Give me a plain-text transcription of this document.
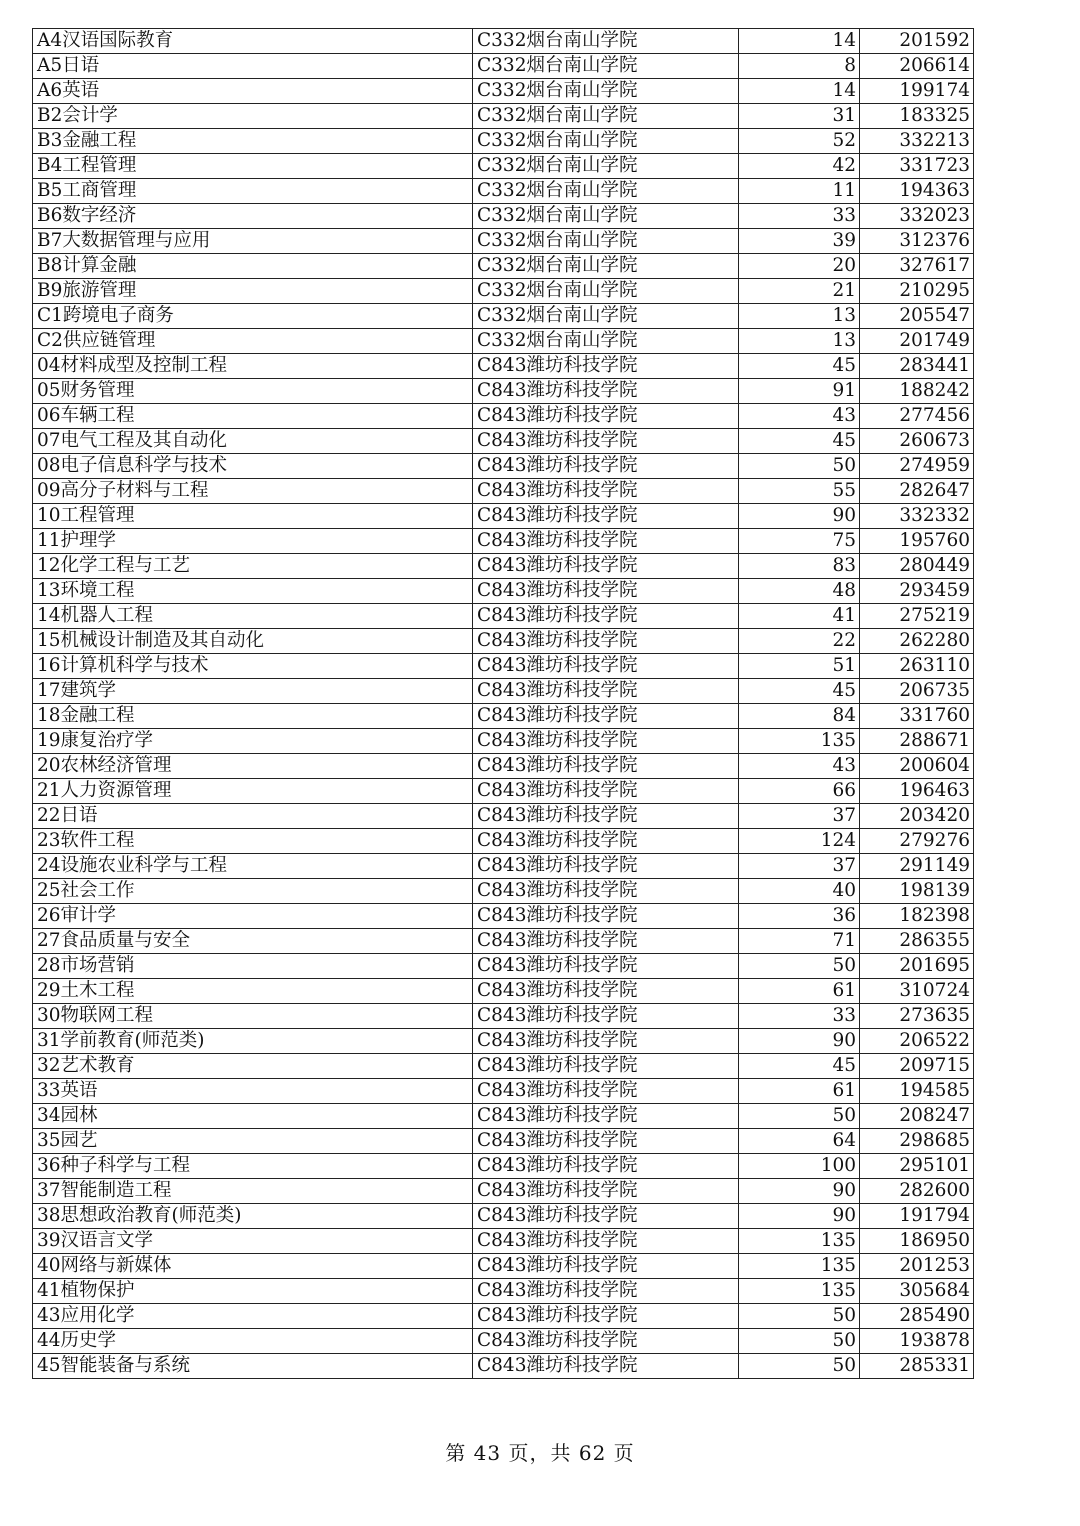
A4汉语国际教育	C332烟台南山学院	14	201592
A5日语	C332烟台南山学院	8	206614
A6英语	C332烟台南山学院	14	199174
B2会计学	C332烟台南山学院	31	183325
B3金融工程	C332烟台南山学院	52	332213
B4工程管理	C332烟台南山学院	42	331723
B5工商管理	C332烟台南山学院	11	194363
B6数字经济	C332烟台南山学院	33	332023
B7大数据管理与应用	C332烟台南山学院	39	312376
B8计算金融	C332烟台南山学院	20	327617
B9旅游管理	C332烟台南山学院	21	210295
C1跨境电子商务	C332烟台南山学院	13	205547
C2供应链管理	C332烟台南山学院	13	201749
04材料成型及控制工程	C843潍坊科技学院	45	283441
05财务管理	C843潍坊科技学院	91	188242
06车辆工程	C843潍坊科技学院	43	277456
07电气工程及其自动化	C843潍坊科技学院	45	260673
08电子信息科学与技术	C843潍坊科技学院	50	274959
09高分子材料与工程	C843潍坊科技学院	55	282647
10工程管理	C843潍坊科技学院	90	332332
11护理学	C843潍坊科技学院	75	195760
12化学工程与工艺	C843潍坊科技学院	83	280449
13环境工程	C843潍坊科技学院	48	293459
14机器人工程	C843潍坊科技学院	41	275219
15机械设计制造及其自动化	C843潍坊科技学院	22	262280
16计算机科学与技术	C843潍坊科技学院	51	263110
17建筑学	C843潍坊科技学院	45	206735
18金融工程	C843潍坊科技学院	84	331760
19康复治疗学	C843潍坊科技学院	135	288671
20农林经济管理	C843潍坊科技学院	43	200604
21人力资源管理	C843潍坊科技学院	66	196463
22日语	C843潍坊科技学院	37	203420
23软件工程	C843潍坊科技学院	124	279276
24设施农业科学与工程	C843潍坊科技学院	37	291149
25社会工作	C843潍坊科技学院	40	198139
26审计学	C843潍坊科技学院	36	182398
27食品质量与安全	C843潍坊科技学院	71	286355
28市场营销	C843潍坊科技学院	50	201695
29土木工程	C843潍坊科技学院	61	310724
30物联网工程	C843潍坊科技学院	33	273635
31学前教育(师范类)	C843潍坊科技学院	90	206522
32艺术教育	C843潍坊科技学院	45	209715
33英语	C843潍坊科技学院	61	194585
34园林	C843潍坊科技学院	50	208247
35园艺	C843潍坊科技学院	64	298685
36种子科学与工程	C843潍坊科技学院	100	295101
37智能制造工程	C843潍坊科技学院	90	282600
38思想政治教育(师范类)	C843潍坊科技学院	90	191794
39汉语言文学	C843潍坊科技学院	135	186950
40网络与新媒体	C843潍坊科技学院	135	201253
41植物保护	C843潍坊科技学院	135	305684
43应用化学	C843潍坊科技学院	50	285490
44历史学	C843潍坊科技学院	50	193878
45智能装备与系统	C843潍坊科技学院	50	285331
第 43 页，共 62 页
